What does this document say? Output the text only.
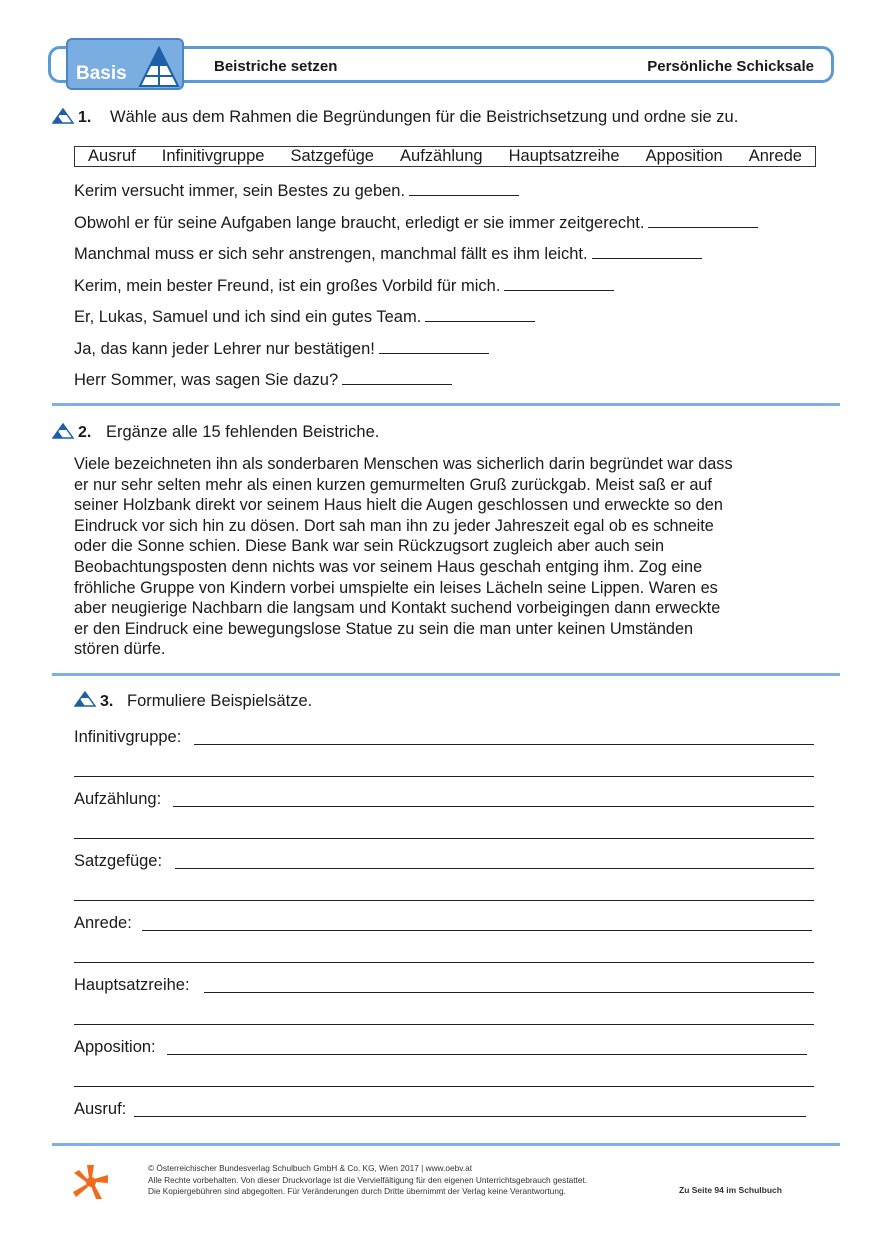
Basis	Beistriche setzen	Persönliche Schicksale
1. Wähle aus dem Rahmen die Begründungen für die Beistrichsetzung und ordne sie zu.
Ausruf Infinitivgruppe Satzgefüge Aufzählung Hauptsatzreihe Apposition Anrede
Kerim versucht immer, sein Bestes zu geben.
Obwohl er für seine Aufgaben lange braucht, erledigt er sie immer zeitgerecht.
Manchmal muss er sich sehr anstrengen, manchmal fällt es ihm leicht.
Kerim, mein bester Freund, ist ein großes Vorbild für mich.
Er, Lukas, Samuel und ich sind ein gutes Team.
Ja, das kann jeder Lehrer nur bestätigen!
Herr Sommer, was sagen Sie dazu?
2. Ergänze alle 15 fehlenden Beistriche.

Viele bezeichneten ihn als sonderbaren Menschen was sicherlich darin begründet war dass

er nur sehr selten mehr als einen kurzen gemurmelten Gruß zurückgab. Meist saß er auf

seiner Holzbank direkt vor seinem Haus hielt die Augen geschlossen und erweckte so den

Eindruck vor sich hin zu dösen. Dort sah man ihn zu jeder Jahreszeit egal ob es schneite

oder die Sonne schien. Diese Bank war sein Rückzugsort zugleich aber auch sein

Beobachtungsposten denn nichts was vor seinem Haus geschah entging ihm. Zog eine

fröhliche Gruppe von Kindern vorbei umspielte ein leises Lächeln seine Lippen. Waren es

aber neugierige Nachbarn die langsam und Kontakt suchend vorbeigingen dann erweckte

er den Eindruck eine bewegungslose Statue zu sein die man unter keinen Umständen

stören dürfe.

3. Formuliere Beispielsätze.
Infinitivgruppe:
Aufzählung:
Satzgefüge:
Anrede:
Hauptsatzreihe:
Apposition:
Ausruf:
© Österreichischer Bundesverlag Schulbuch GmbH & Co. KG, Wien 2017 | www.oebv.at
Alle Rechte vorbehalten. Von dieser Druckvorlage ist die Vervielfältigung für den eigenen Unterrichtsgebrauch gestattet.
Die Kopiergebühren sind abgegolten. Für Veränderungen durch Dritte übernimmt der Verlag keine Verantwortung.	Zu Seite 94 im Schulbuch
